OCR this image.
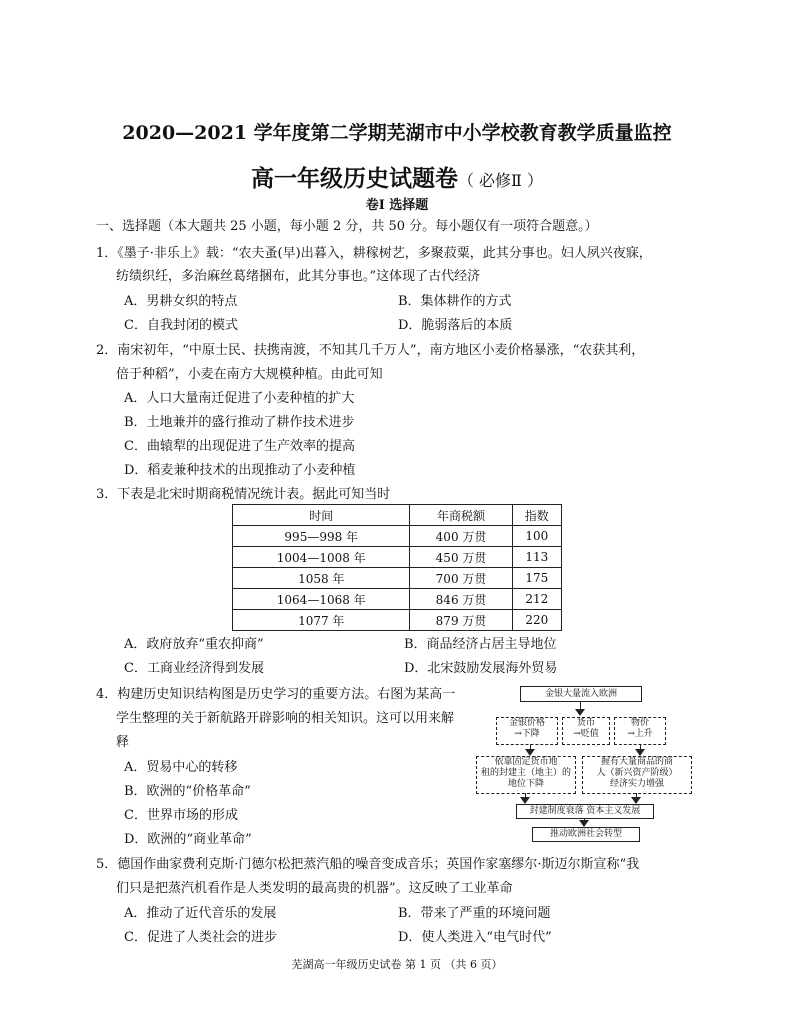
2020—2021 学年度第二学期芜湖市中小学校教育教学质量监控
高一年级历史试题卷（ 必修Ⅱ ）
卷Ⅰ 选择题
一、选择题（本大题共 25 小题，每小题 2 分，共 50 分。每小题仅有一项符合题意。）
1．《墨子·非乐上》载：“农夫蚤(早)出暮入，耕稼树艺，多聚菽粟，此其分事也。妇人夙兴夜寐，
纺绩织纴，多治麻丝葛绪捆布，此其分事也。”这体现了古代经济
A．男耕女织的特点	B．集体耕作的方式
C．自我封闭的模式	D．脆弱落后的本质
2．南宋初年，“中原士民、扶携南渡，不知其几千万人”，南方地区小麦价格暴涨，“农获其利，
倍于种稻”，小麦在南方大规模种植。由此可知
A．人口大量南迁促进了小麦种植的扩大
B．土地兼并的盛行推动了耕作技术进步
C．曲辕犁的出现促进了生产效率的提高
D．稻麦兼种技术的出现推动了小麦种植
3．下表是北宋时期商税情况统计表。据此可知当时
时间	年商税额	指数
995—998 年	400 万贯	100
1004—1008 年	450 万贯	113
1058 年	700 万贯	175
1064—1068 年	846 万贯	212
1077 年	879 万贯	220
A．政府放弃“重农抑商”	B．商品经济占居主导地位
C．工商业经济得到发展	D．北宋鼓励发展海外贸易
4．构建历史知识结构图是历史学习的重要方法。右图为某高一
学生整理的关于新航路开辟影响的相关知识。这可以用来解
释
A．贸易中心的转移
B．欧洲的“价格革命”
C．世界市场的形成
D．欧洲的“商业革命”
金银大量流入欧洲
金银价格
→下降
货币
→贬值
物价
→上升
依靠固定货币地
租的封建主（地主）的
地位下降
握有大量商品的商
人（新兴资产阶级）
经济实力增强
封建制度衰落 资本主义发展
推动欧洲社会转型
5．德国作曲家费利克斯·门德尔松把蒸汽船的噪音变成音乐；英国作家塞缪尔·斯迈尔斯宣称“我
们只是把蒸汽机看作是人类发明的最高贵的机器”。这反映了工业革命
A．推动了近代音乐的发展	B．带来了严重的环境问题
C．促进了人类社会的进步	D．使人类进入“电气时代”
芜湖高一年级历史试卷 第 1 页 （共 6 页）
